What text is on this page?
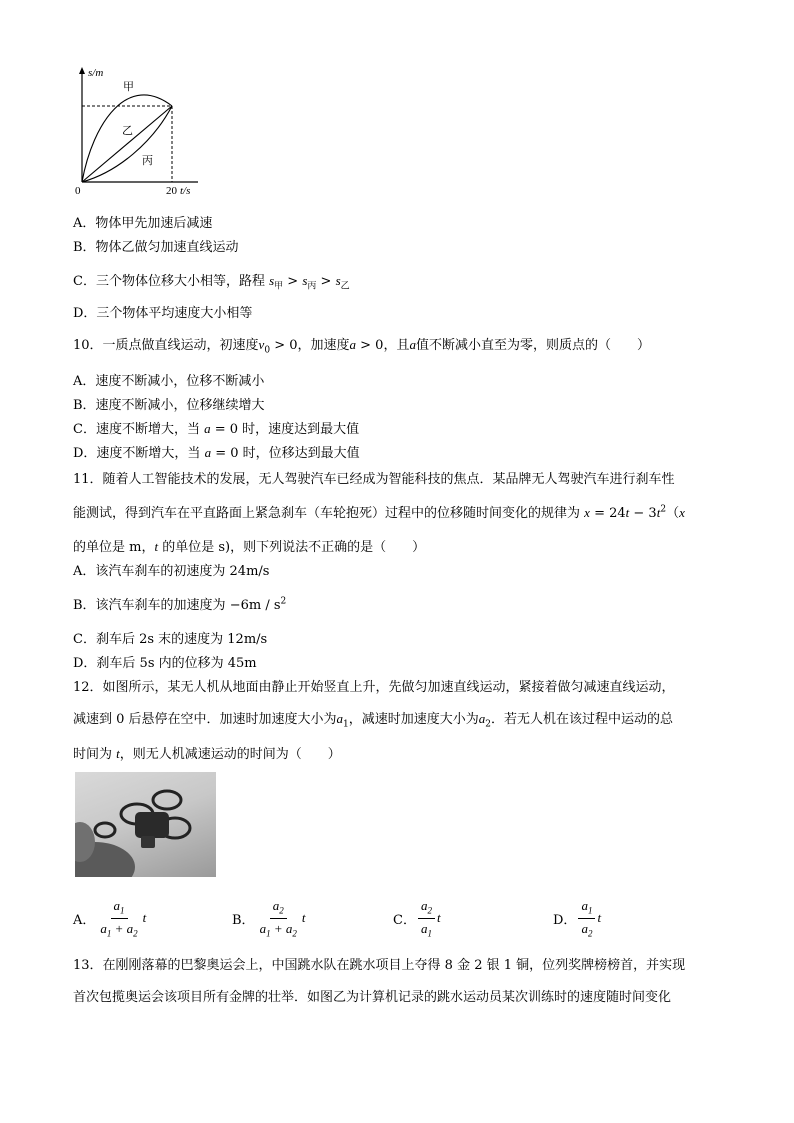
s/m
甲
乙
丙
0	20 t/s
A．物体甲先加速后减速
B．物体乙做匀加速直线运动
C．三个物体位移大小相等，路程 $s_甲 > s_丙 > s_乙$
D．三个物体平均速度大小相等
10．一质点做直线运动，初速度$v_0 > 0$，加速度a > 0，且a值不断减小直至为零，则质点的（　　）
A．速度不断减小，位移不断减小
B．速度不断减小，位移继续增大
C．速度不断增大，当 a = 0 时，速度达到最大值
D．速度不断增大，当 a = 0 时，位移达到最大值
11．随着人工智能技术的发展，无人驾驶汽车已经成为智能科技的焦点．某品牌无人驾驶汽车进行刹车性
能测试，得到汽车在平直路面上紧急刹车（车轮抱死）过程中的位移随时间变化的规律为 $x = 24t - 3t^2(x$
的单位是 m，t 的单位是 s)，则下列说法不正确的是（　　）
A．该汽车刹车的初速度为 24m/s
B．该汽车刹车的加速度为 $-6m / s^2$
C．刹车后 2s 末的速度为 12m/s
D．刹车后 5s 内的位移为 45m
12．如图所示，某无人机从地面由静止开始竖直上升，先做匀加速直线运动，紧接着做匀减速直线运动，
减速到 0 后悬停在空中．加速时加速度大小为$a_1$，减速时加速度大小为$a_2$．若无人机在该过程中运动的总
时间为 t，则无人机减速运动的时间为（　　）
A． $\frac{a_1}{a_1 + a_2}$ t	B． $\frac{a_2}{a_1 + a_2}$ t	C． $\frac{a_2}{a_1}$ t	D． $\frac{a_1}{a_2}$ t
13．在刚刚落幕的巴黎奥运会上，中国跳水队在跳水项目上夺得 8 金 2 银 1 铜，位列奖牌榜榜首，并实现
首次包揽奥运会该项目所有金牌的壮举．如图乙为计算机记录的跳水运动员某次训练时的速度随时间变化
